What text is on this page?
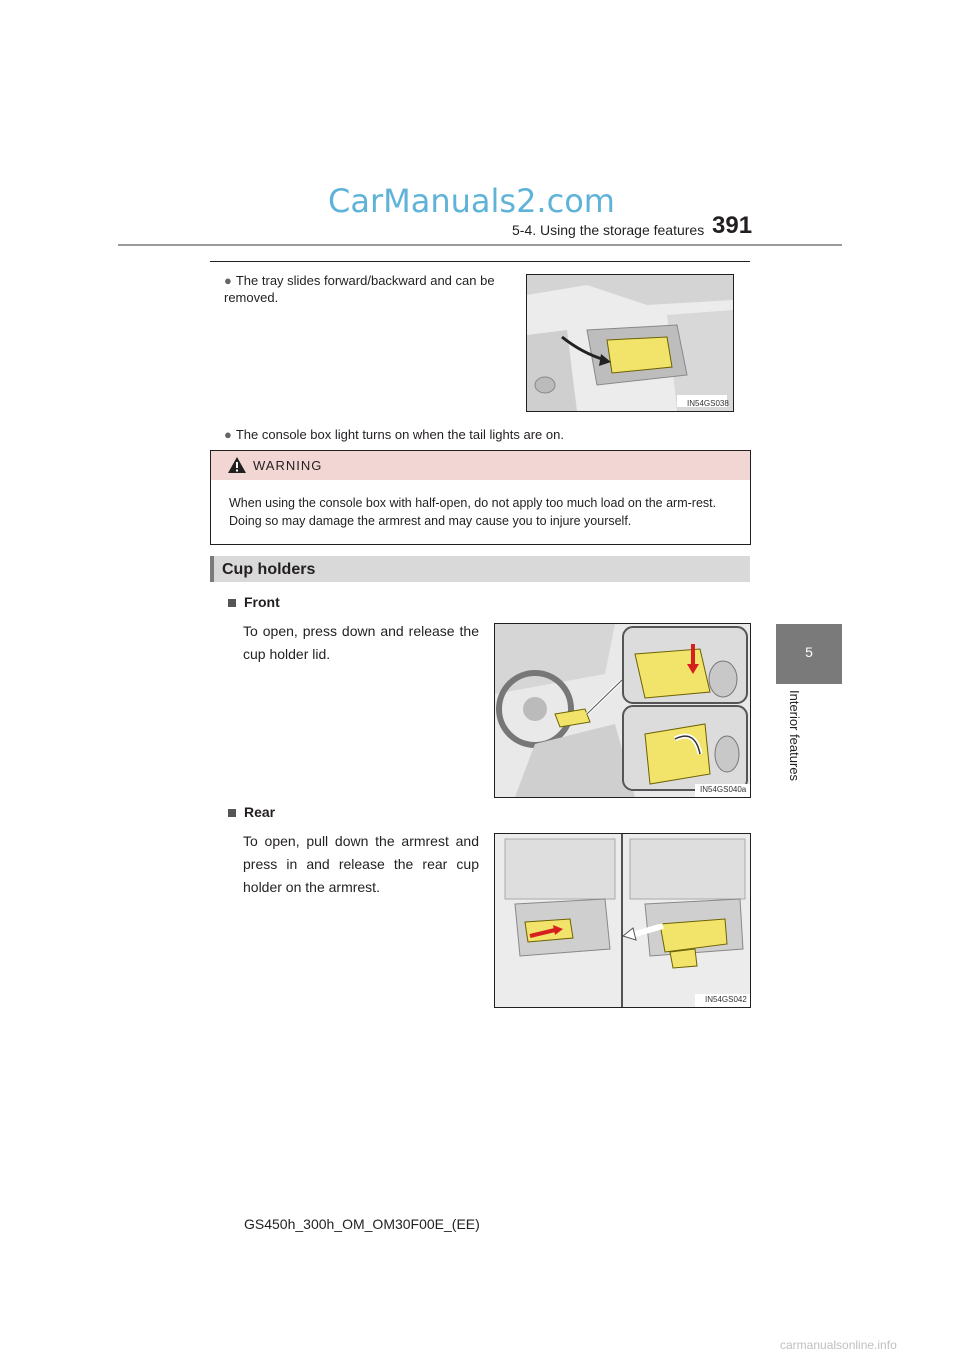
CarManuals2.com
5-4. Using the storage features 391
5
Interior features
● The tray slides forward/backward and can be removed.
IN54GS038
● The console box light turns on when the tail lights are on.
WARNING
When using the console box with half-open, do not apply too much load on the arm-rest. Doing so may damage the armrest and may cause you to injure yourself.
Cup holders
Front
To open, press down and release the cup holder lid.
IN54GS040a
Rear
To open, pull down the armrest and press in and release the rear cup holder on the armrest.
IN54GS042
GS450h_300h_OM_OM30F00E_(EE)
carmanualsonline.info
